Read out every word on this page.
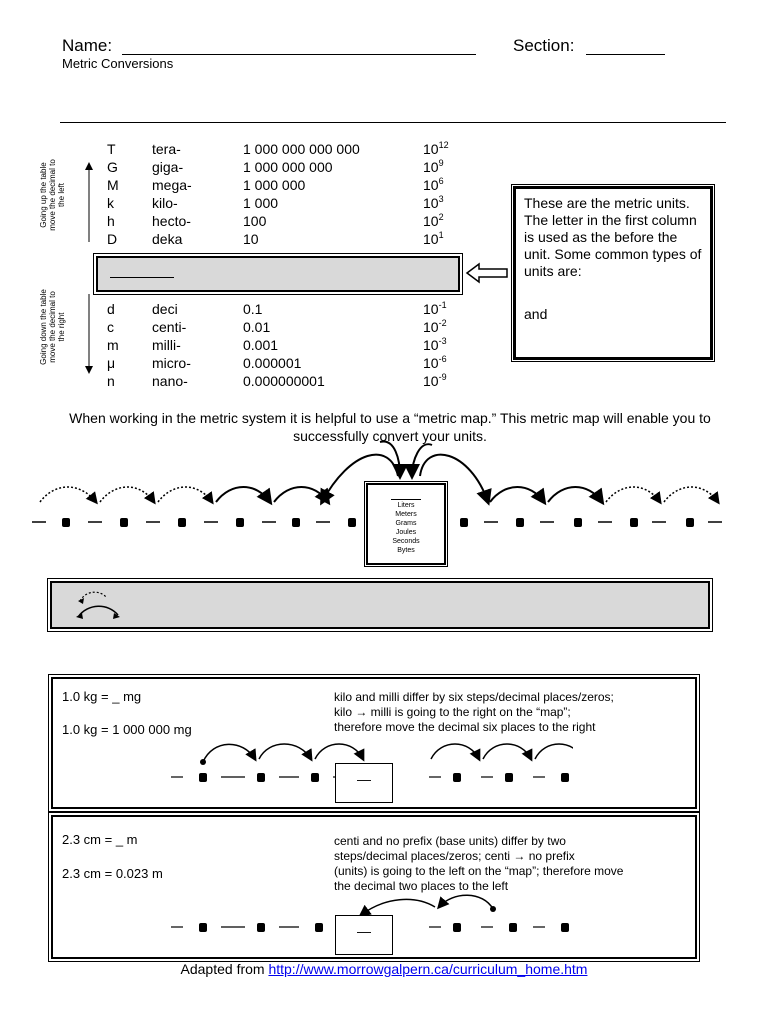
Name:	Section:
Metric Conversions
Going up the table
move the decimal to
the left
Going down the table
move the decimal to
the right
T	tera-	1 000 000 000 000	$10^{12}$
G giga-	1 000 000 000	$10^9$
M mega-	1 000 000	$10^6$
k	kilo-	1 000	$10^3$
h	hecto-	100	$10^2$
D deka	10	$10^1$
d	deci	0.1	$10^{-1}$
c	centi-	0.01	$10^{-2}$
m milli-	0.001	$10^{-3}$
μ	micro-	0.000001	$10^{-6}$
n	nano-	0.000000001	$10^{-9}$
These are the metric units. The letter in the first column is used as the before the unit. Some common types of units are:
and
When working in the metric system it is helpful to use a “metric map.” This metric map will enable you to successfully convert your units.
Liters
Meters
Grams
Joules
Seconds
Bytes
1.0 kg = _ mg
1.0 kg = 1 000 000 mg
kilo and milli differ by six steps/decimal places/zeros;
kilo → milli is going to the right on the “map”;
therefore move the decimal six places to the right
—
2.3 cm = _ m
2.3 cm = 0.023 m
centi and no prefix (base units) differ by two
steps/decimal places/zeros; centi → no prefix
(units) is going to the left on the “map”; therefore move
the decimal two places to the left
—
Adapted from http://www.morrowgalpern.ca/curriculum_home.htm
